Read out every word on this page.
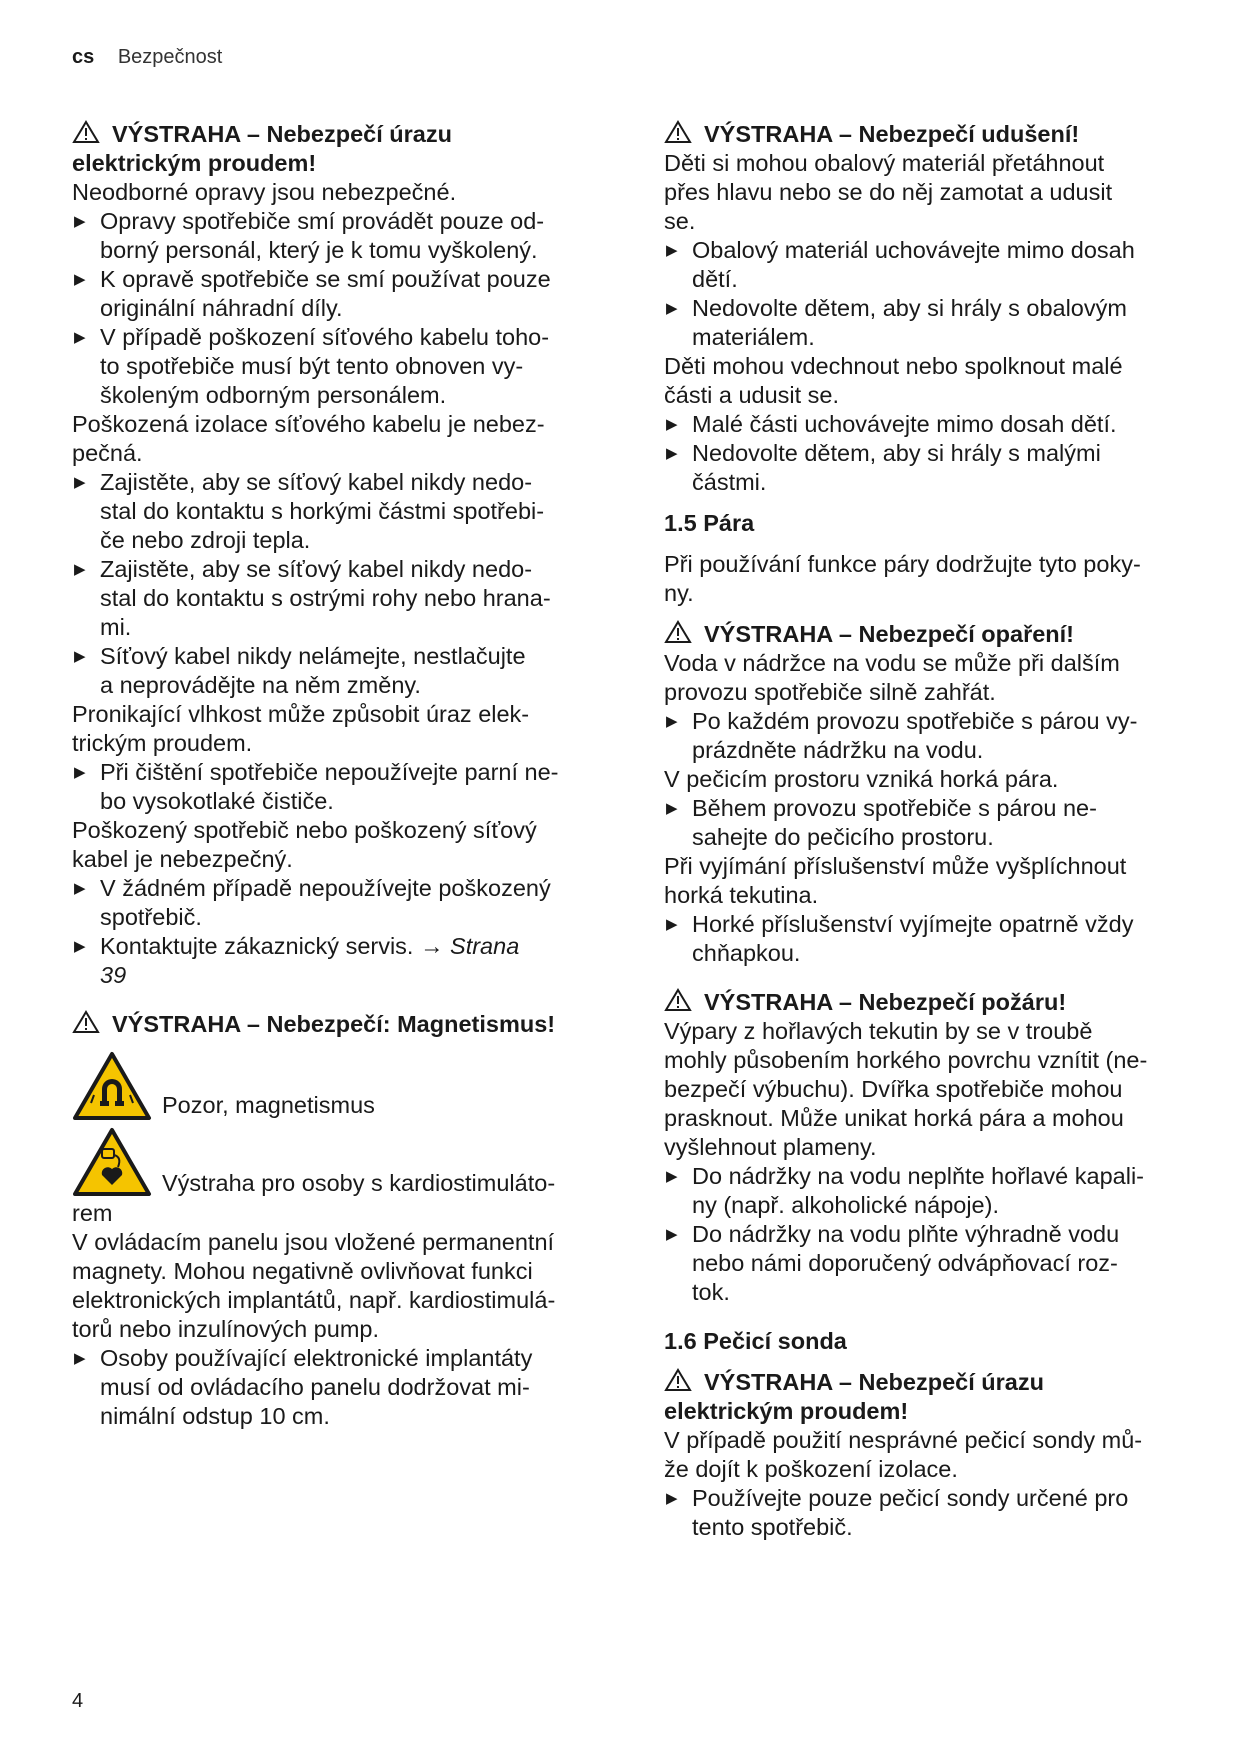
cs Bezpečnost
VÝSTRAHA – Nebezpečí úrazu
elektrickým proudem!

Neodborné opravy jsou nebezpečné.

▶ Opravy spotřebiče smí provádět pouze od-
borný personál, který je k tomu vyškolený.
▶ K opravě spotřebiče se smí používat pouze
originální náhradní díly.
▶ V případě poškození síťového kabelu toho-
to spotřebiče musí být tento obnoven vy-
školeným odborným personálem.

Poškozená izolace síťového kabelu je nebez-
pečná.

▶ Zajistěte, aby se síťový kabel nikdy nedo-
stal do kontaktu s horkými částmi spotřebi-
če nebo zdroji tepla.
▶ Zajistěte, aby se síťový kabel nikdy nedo-
stal do kontaktu s ostrými rohy nebo hrana-
mi.
▶ Síťový kabel nikdy nelámejte, nestlačujte
a neprovádějte na něm změny.

Pronikající vlhkost může způsobit úraz elek-
trickým proudem.

▶ Při čištění spotřebiče nepoužívejte parní ne-
bo vysokotlaké čističe.

Poškozený spotřebič nebo poškozený síťový
kabel je nebezpečný.

▶ V žádném případě nepoužívejte poškozený
spotřebič.
▶ Kontaktujte zákaznický servis. → Strana
39
VÝSTRAHA – Nebezpečí: Magnetismus!
Pozor, magnetismus
Výstraha pro osoby s kardiostimuláto-

rem

V ovládacím panelu jsou vložené permanentní
magnety. Mohou negativně ovlivňovat funkci
elektronických implantátů, např. kardiostimulá-
torů nebo inzulínových pump.

▶ Osoby používající elektronické implantáty
musí od ovládacího panelu dodržovat mi-
nimální odstup 10 cm.
VÝSTRAHA – Nebezpečí udušení!

Děti si mohou obalový materiál přetáhnout
přes hlavu nebo se do něj zamotat a udusit
se.

▶ Obalový materiál uchovávejte mimo dosah
dětí.
▶ Nedovolte dětem, aby si hrály s obalovým
materiálem.

Děti mohou vdechnout nebo spolknout malé
části a udusit se.

▶ Malé části uchovávejte mimo dosah dětí.
▶ Nedovolte dětem, aby si hrály s malými
částmi.

1.5 Pára

Při používání funkce páry dodržujte tyto poky-
ny.

VÝSTRAHA – Nebezpečí opaření!

Voda v nádržce na vodu se může při dalším
provozu spotřebiče silně zahřát.

▶ Po každém provozu spotřebiče s párou vy-
prázdněte nádržku na vodu.

V pečicím prostoru vzniká horká pára.

▶ Během provozu spotřebiče s párou ne-
sahejte do pečicího prostoru.

Při vyjímání příslušenství může vyšplíchnout
horká tekutina.

▶ Horké příslušenství vyjímejte opatrně vždy
chňapkou.
VÝSTRAHA – Nebezpečí požáru!

Výpary z hořlavých tekutin by se v troubě
mohly působením horkého povrchu vznítit (ne-
bezpečí výbuchu). Dvířka spotřebiče mohou
prasknout. Může unikat horká pára a mohou
vyšlehnout plameny.

▶ Do nádržky na vodu neplňte hořlavé kapali-
ny (např. alkoholické nápoje).
▶ Do nádržky na vodu plňte výhradně vodu
nebo námi doporučený odvápňovací roz-
tok.

1.6 Pečicí sonda

VÝSTRAHA – Nebezpečí úrazu
elektrickým proudem!

V případě použití nesprávné pečicí sondy mů-
že dojít k poškození izolace.

▶ Používejte pouze pečicí sondy určené pro
tento spotřebič.
4
